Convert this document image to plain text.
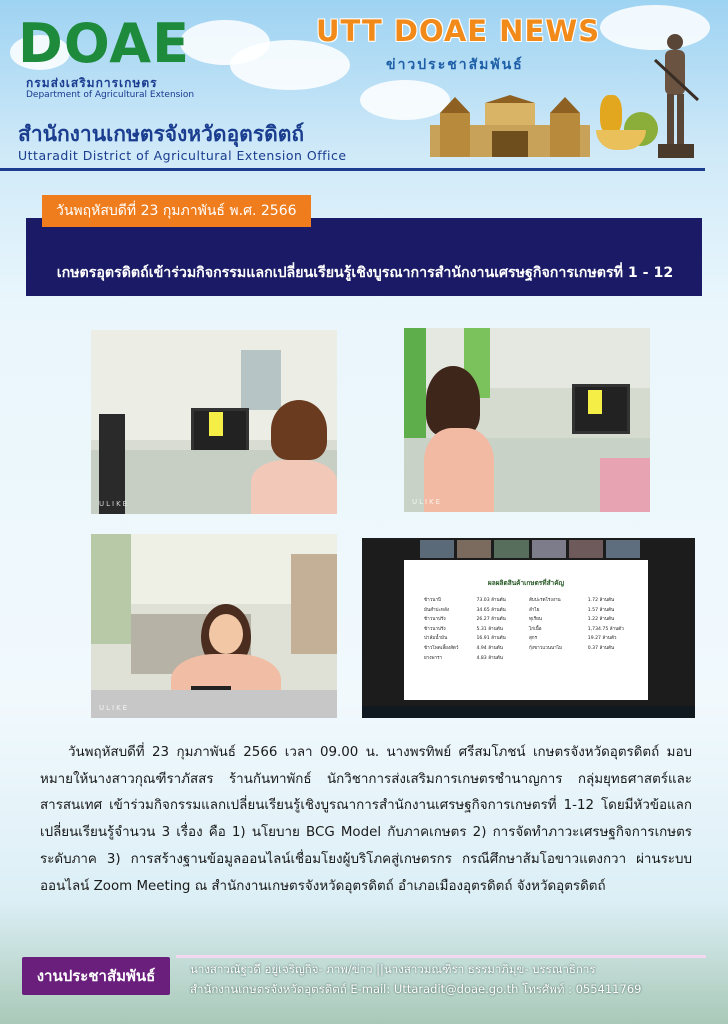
DOAE
กรมส่งเสริมการเกษตร
Department of Agricultural Extension
UTT DOAE NEWS
ข่าวประชาสัมพันธ์
สำนักงานเกษตรจังหวัดอุตรดิตถ์
Uttaradit District of Agricultural Extension Office
วันพฤหัสบดีที่ 23 กุมภาพันธ์ พ.ศ. 2566
เกษตรอุตรดิตถ์เข้าร่วมกิจกรรมแลกเปลี่ยนเรียนรู้เชิงบูรณาการสำนักงานเศรษฐกิจการเกษตรที่ 1 - 12
ULIKE	ULIKE
ULIKE
ผลผลิตสินค้าเกษตรที่สำคัญ
ข้าวนาปี	73.03 ล้านตัน	สับปะรดโรงงาน	1.72 ล้านตัน
มันสำปะหลัง	34.65 ล้านตัน	ลำไย	1.57 ล้านตัน
ข้าวนาปรัง	26.27 ล้านตัน	ทุเรียน	1.22 ล้านตัน
ข้าวนาปรัง	5.31 ล้านตัน	ไก่เนื้อ	1,734.75 ล้านตัว
ปาล์มน้ำมัน	16.91 ล้านตัน	สุกร	19.27 ล้านตัว
ข้าวโพดเลี้ยงสัตว์	4.94 ล้านตัน	กุ้งขาวแวนนาไม	0.37 ล้านตัน
ยางพารา	4.83 ล้านตัน

วันพฤหัสบดีที่ 23 กุมภาพันธ์ 2566 เวลา 09.00 น. นางพรทิพย์ ศรีสมโภชน์ เกษตรจังหวัดอุตรดิตถ์ มอบหมายให้นางสาวกุณฑีราภัสสร ร้านกันทาพักธ์ นักวิชาการส่งเสริมการเกษตรชำนาญการ กลุ่มยุทธศาสตร์และสารสนเทศ เข้าร่วมกิจกรรมแลกเปลี่ยนเรียนรู้เชิงบูรณาการสำนักงานเศรษฐกิจการเกษตรที่ 1-12 โดยมีหัวข้อแลกเปลี่ยนเรียนรู้จำนวน 3 เรื่อง คือ 1) นโยบาย BCG Model กับภาคเกษตร 2) การจัดทำภาวะเศรษฐกิจการเกษตรระดับภาค 3) การสร้างฐานข้อมูลออนไลน์เชื่อมโยงผู้บริโภคสู่เกษตรกร กรณีศึกษาส้มโอขาวแตงกวา ผ่านระบบออนไลน์ Zoom Meeting ณ สำนักงานเกษตรจังหวัดอุตรดิตถ์ อำเภอเมืองอุตรดิตถ์ จังหวัดอุตรดิตถ์

งานประชาสัมพันธ์	นางสาวณัฐวดี อยู่เจริญกิจ- ภาพ/ข่าว ||นางสาวมณฑิรา ธรรมาภิมุข- บรรณาธิการ
สำนักงานเกษตรจังหวัดอุตรดิตถ์ E-mail: Uttaradit@doae.go.th โทรศัพท์ : 055411769
